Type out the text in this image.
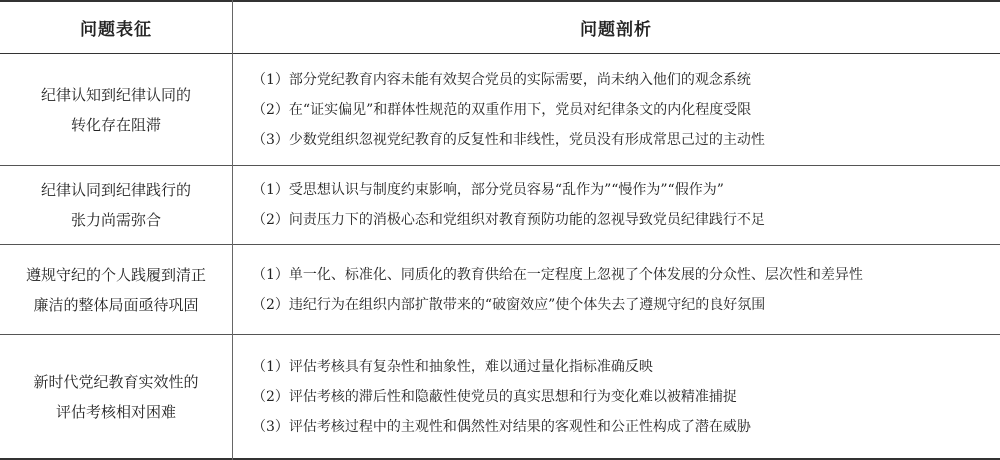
问题表征	问题剖析
纪律认知到纪律认同的
转化存在阻滞
（1）部分党纪教育内容未能有效契合党员的实际需要，尚未纳入他们的观念系统
（2）在“证实偏见”和群体性规范的双重作用下，党员对纪律条文的内化程度受限
（3）少数党组织忽视党纪教育的反复性和非线性，党员没有形成常思己过的主动性
纪律认同到纪律践行的
张力尚需弥合
（1）受思想认识与制度约束影响，部分党员容易“乱作为”“慢作为”“假作为”
（2）问责压力下的消极心态和党组织对教育预防功能的忽视导致党员纪律践行不足
遵规守纪的个人践履到清正
廉洁的整体局面亟待巩固
（1）单一化、标准化、同质化的教育供给在一定程度上忽视了个体发展的分众性、层次性和差异性
（2）违纪行为在组织内部扩散带来的“破窗效应”使个体失去了遵规守纪的良好氛围
新时代党纪教育实效性的
评估考核相对困难
（1）评估考核具有复杂性和抽象性，难以通过量化指标准确反映
（2）评估考核的滞后性和隐蔽性使党员的真实思想和行为变化难以被精准捕捉
（3）评估考核过程中的主观性和偶然性对结果的客观性和公正性构成了潜在威胁
